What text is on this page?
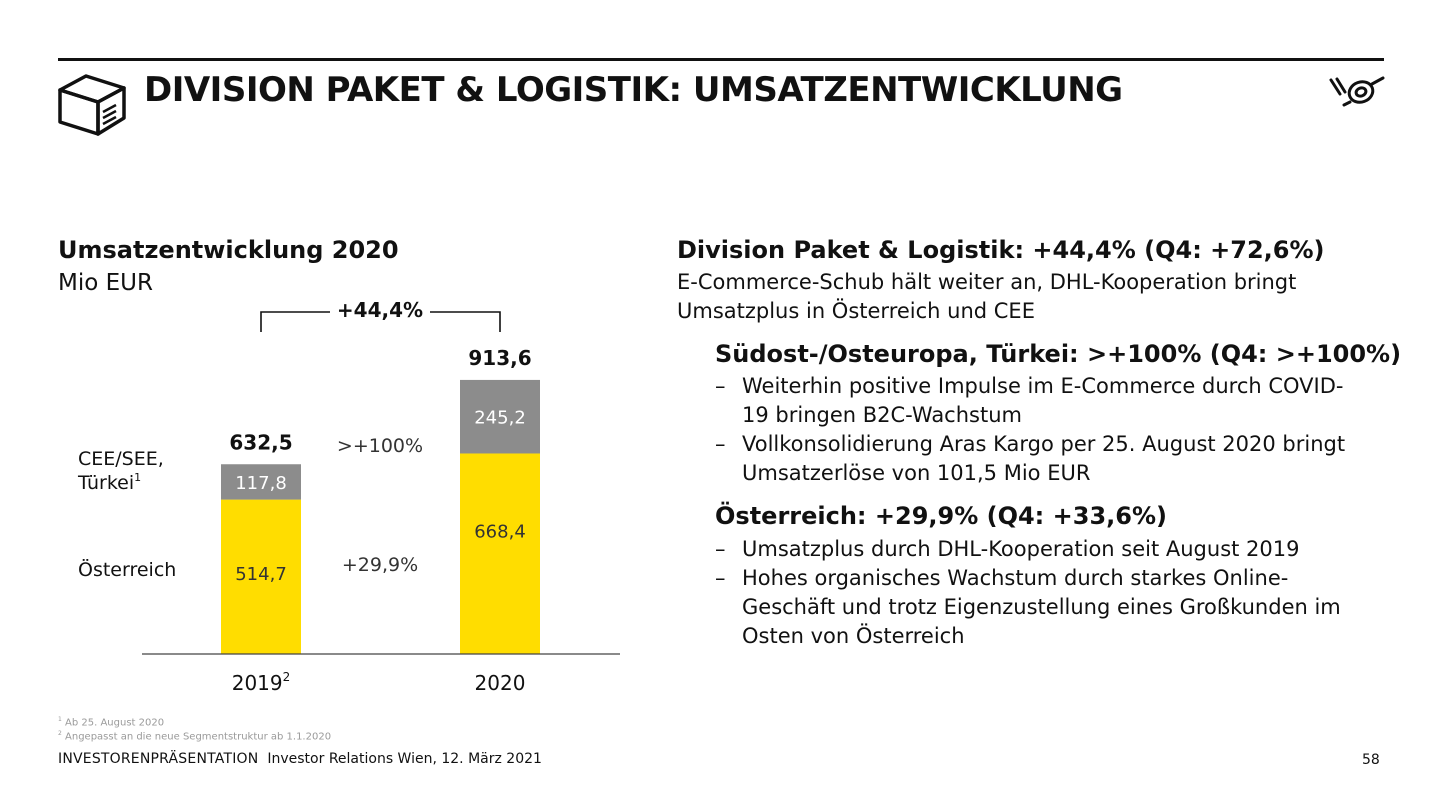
DIVISION PAKET & LOGISTIK: UMSATZENTWICKLUNG
Umsatzentwicklung 2020
Mio EUR
+44,4%
CEE/SEE,
Türkei$^1$
Österreich
>+100%
+29,9%
514,7
117,8
632,5
2019$^2$
668,4
245,2
913,6
2020
Division Paket & Logistik: +44,4% (Q4: +72,6%)
E-Commerce-Schub hält weiter an, DHL-Kooperation bringt Umsatzplus in Österreich und CEE
Südost-/Osteuropa, Türkei: >+100% (Q4: >+100%)
– Weiterhin positive Impulse im E-Commerce durch COVID-19 bringen B2C-Wachstum
– Vollkonsolidierung Aras Kargo per 25. August 2020 bringt Umsatzerlöse von 101,5 Mio EUR
Österreich: +29,9% (Q4: +33,6%)
– Umsatzplus durch DHL-Kooperation seit August 2019
– Hohes organisches Wachstum durch starkes Online-Geschäft und trotz Eigenzustellung eines Großkunden im Osten von Österreich
$^1$ Ab 25. August 2020
$^2$ Angepasst an die neue Segmentstruktur ab 1.1.2020
INVESTORENPRÄSENTATION Investor Relations Wien, 12. März 2021	58
